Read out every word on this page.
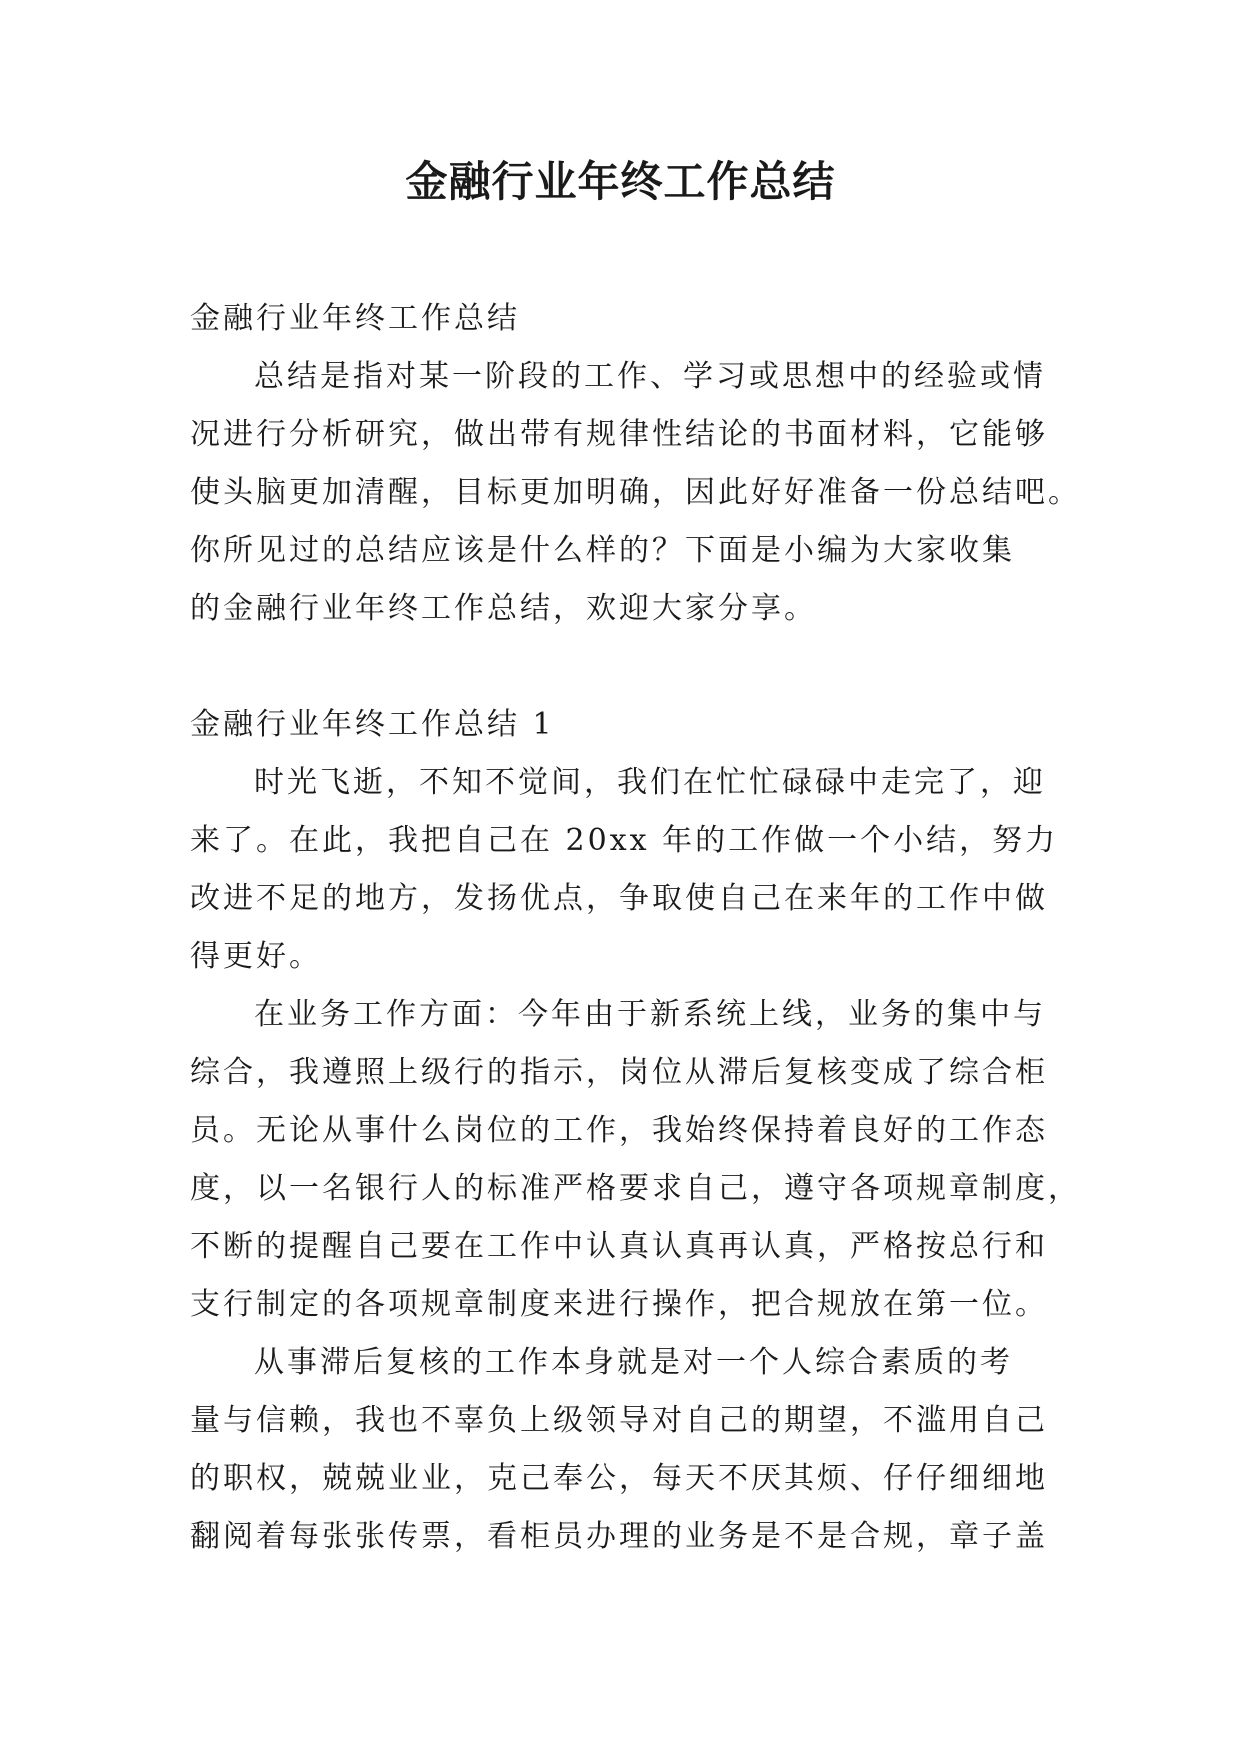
金融行业年终工作总结
金融行业年终工作总结
总结是指对某一阶段的工作、学习或思想中的经验或情
况进行分析研究，做出带有规律性结论的书面材料，它能够
使头脑更加清醒，目标更加明确，因此好好准备一份总结吧。
你所见过的总结应该是什么样的？下面是小编为大家收集
的金融行业年终工作总结，欢迎大家分享。
金融行业年终工作总结 1
时光飞逝，不知不觉间，我们在忙忙碌碌中走完了，迎
来了。在此，我把自己在 20xx 年的工作做一个小结，努力
改进不足的地方，发扬优点，争取使自己在来年的工作中做
得更好。
在业务工作方面：今年由于新系统上线，业务的集中与
综合，我遵照上级行的指示，岗位从滞后复核变成了综合柜
员。无论从事什么岗位的工作，我始终保持着良好的工作态
度，以一名银行人的标准严格要求自己，遵守各项规章制度，
不断的提醒自己要在工作中认真认真再认真，严格按总行和
支行制定的各项规章制度来进行操作，把合规放在第一位。
从事滞后复核的工作本身就是对一个人综合素质的考
量与信赖，我也不辜负上级领导对自己的期望，不滥用自己
的职权，兢兢业业，克己奉公，每天不厌其烦、仔仔细细地
翻阅着每张张传票，看柜员办理的业务是不是合规，章子盖
